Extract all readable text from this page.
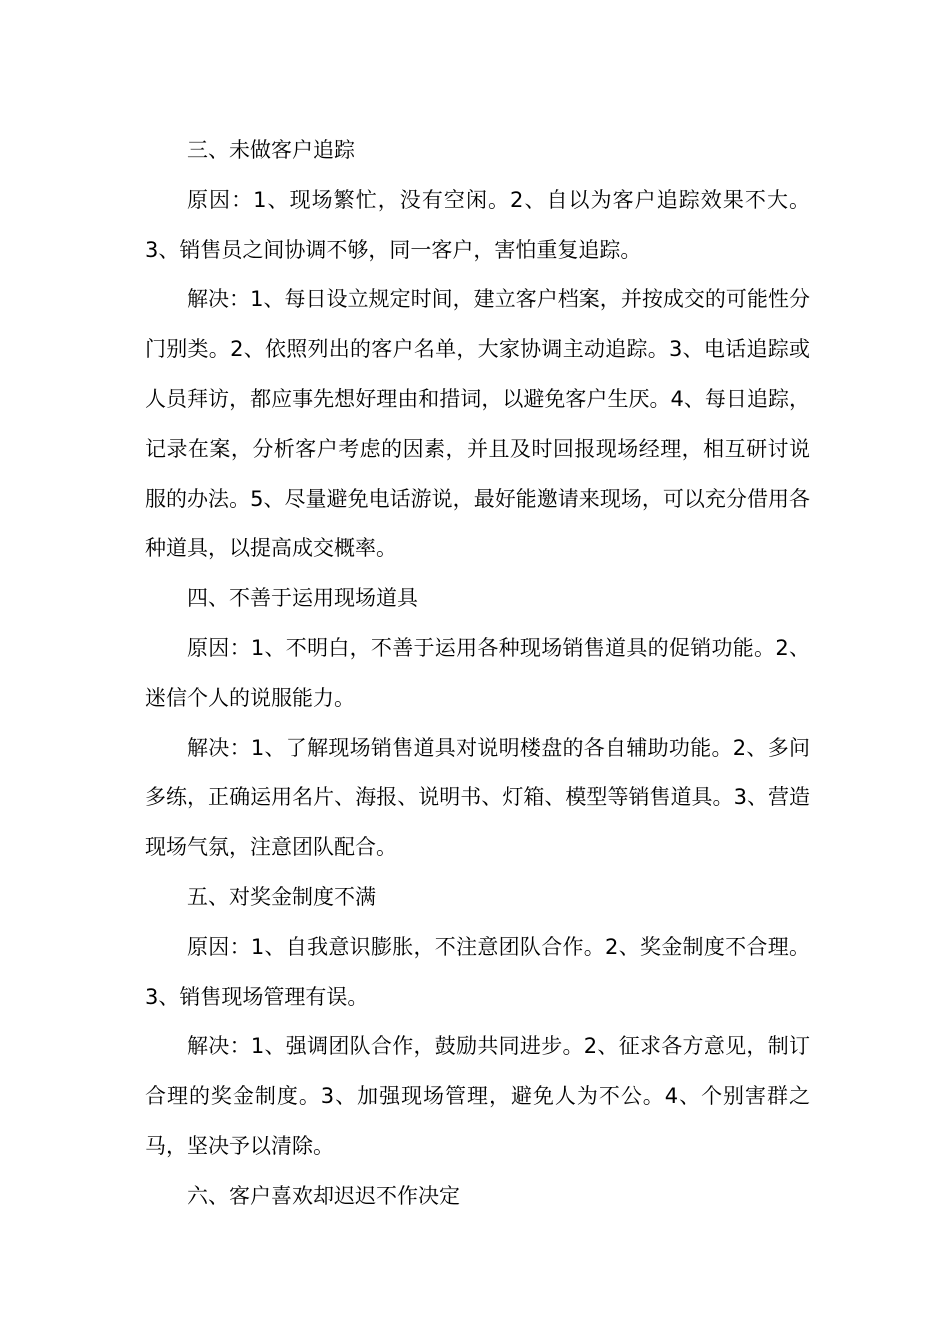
三、未做客户追踪

原因：1、现场繁忙，没有空闲。2、自以为客户追踪效果不大。3、销售员之间协调不够，同一客户，害怕重复追踪。

解决：1、每日设立规定时间，建立客户档案，并按成交的可能性分门别类。2、依照列出的客户名单，大家协调主动追踪。3、电话追踪或人员拜访，都应事先想好理由和措词，以避免客户生厌。4、每日追踪，记录在案，分析客户考虑的因素，并且及时回报现场经理，相互研讨说服的办法。5、尽量避免电话游说，最好能邀请来现场，可以充分借用各种道具，以提高成交概率。

四、不善于运用现场道具

原因：1、不明白，不善于运用各种现场销售道具的促销功能。2、迷信个人的说服能力。

解决：1、了解现场销售道具对说明楼盘的各自辅助功能。2、多问多练，正确运用名片、海报、说明书、灯箱、模型等销售道具。3、营造现场气氛，注意团队配合。

五、对奖金制度不满

原因：1、自我意识膨胀，不注意团队合作。2、奖金制度不合理。3、销售现场管理有误。

解决：1、强调团队合作，鼓励共同进步。2、征求各方意见，制订合理的奖金制度。3、加强现场管理，避免人为不公。4、个别害群之马，坚决予以清除。

六、客户喜欢却迟迟不作决定
